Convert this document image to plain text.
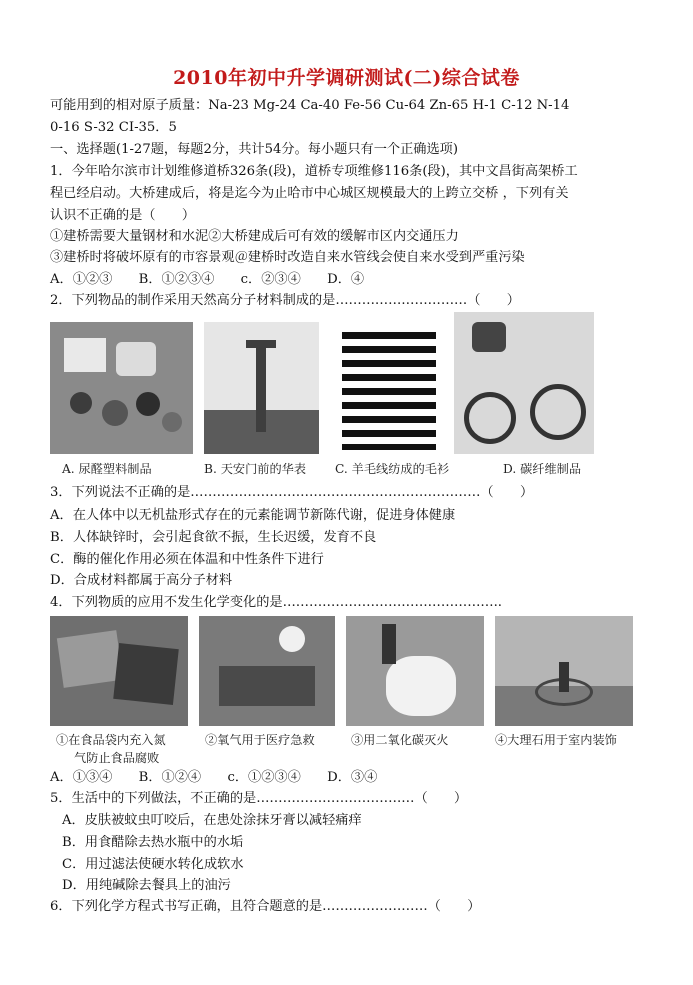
2010年初中升学调研测试(二)综合试卷
可能用到的相对原子质量：Na-23 Mg-24 Ca-40 Fe-56 Cu-64 Zn-65 H-1 C-12 N-14
0-16 S-32 CI-35．5
一、选择题(1-27题，每题2分，共计54分。每小题只有一个正确选项)
1．今年哈尔滨市计划维修道桥326条(段)，道桥专项维修116条(段)，其中文昌街高架桥工
程已经启动。大桥建成后，将是迄今为止哈市中心城区规模最大的上跨立交桥 ，下列有关
认识不正确的是（　　）
①建桥需要大量钢材和水泥②大桥建成后可有效的缓解市区内交通压力
③建桥时将破坏原有的市容景观＠建桥时改造自来水管线会使自来水受到严重污染
A．①②③　　B．①②③④　　c．②③④　　D．④
2．下列物品的制作采用天然高分子材料制成的是…………………………（　　）
A. 尿醛塑料制品	B. 天安门前的华表 C. 羊毛线纺成的毛衫	D. 碳纤维制品
3．下列说法不正确的是…………………………………………………………（　　）
A．在人体中以无机盐形式存在的元素能调节新陈代谢，促进身体健康
B．人体缺锌时，会引起食欲不振，生长迟缓，发育不良
C．酶的催化作用必须在体温和中性条件下进行
D．合成材料都属于高分子材料
4．下列物质的应用不发生化学变化的是…………………………………………..
①在食品袋内充入氮
气防止食品腐败
②氧气用于医疗急救	③用二氧化碳灭火	④大理石用于室内装饰
A．①③④　　B．①②④　　c．①②③④　　D．③④
5．生活中的下列做法，不正确的是………………………………（　　）
A．皮肤被蚊虫叮咬后，在患处涂抹牙膏以减轻痛痒
B．用食醋除去热水瓶中的水垢
C．用过滤法使硬水转化成软水
D．用纯碱除去餐具上的油污
6．下列化学方程式书写正确，且符合题意的是……………………（　　）
